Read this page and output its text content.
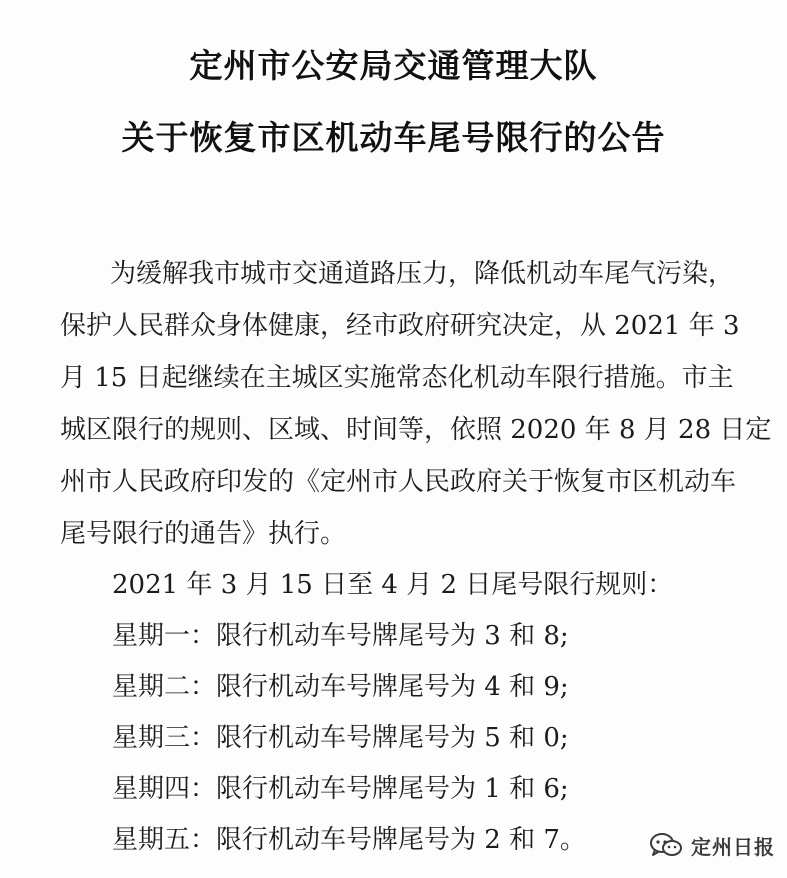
定州市公安局交通管理大队
关于恢复市区机动车尾号限行的公告
为缓解我市城市交通道路压力，降低机动车尾气污染，
保护人民群众身体健康，经市政府研究决定，从 2021 年 3
月 15 日起继续在主城区实施常态化机动车限行措施。市主
城区限行的规则、区域、时间等，依照 2020 年 8 月 28 日定
州市人民政府印发的《定州市人民政府关于恢复市区机动车
尾号限行的通告》执行。
2021 年 3 月 15 日至 4 月 2 日尾号限行规则：
星期一：限行机动车号牌尾号为 3 和 8;
星期二：限行机动车号牌尾号为 4 和 9;
星期三：限行机动车号牌尾号为 5 和 0;
星期四：限行机动车号牌尾号为 1 和 6;
星期五：限行机动车号牌尾号为 2 和 7。	定州日报
